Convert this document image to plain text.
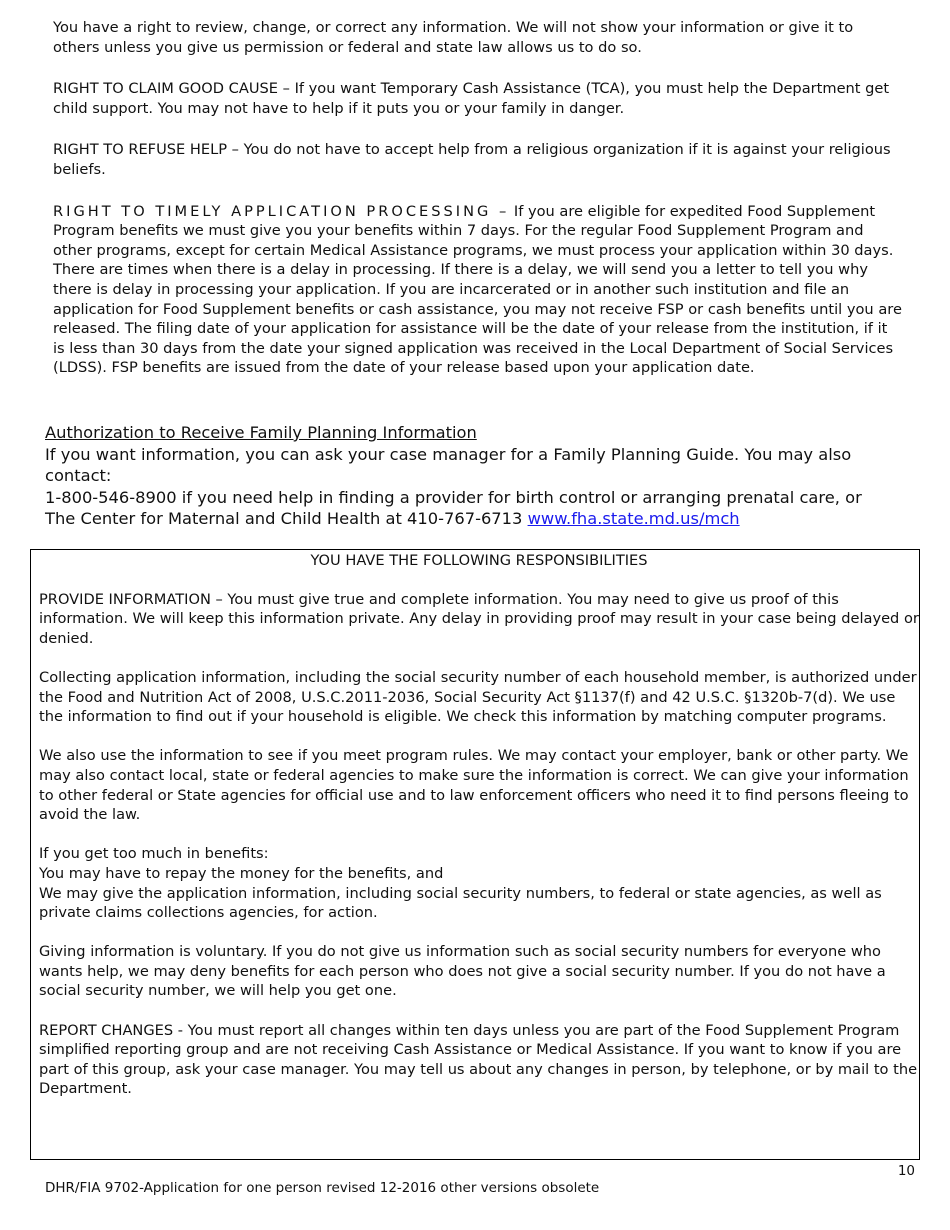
You have a right to review, change, or correct any information. We will not show your information or give it to others unless you give us permission or federal and state law allows us to do so.

RIGHT TO CLAIM GOOD CAUSE – If you want Temporary Cash Assistance (TCA), you must help the Department get child support. You may not have to help if it puts you or your family in danger.

RIGHT TO REFUSE HELP – You do not have to accept help from a religious organization if it is against your religious beliefs.

RIGHT TO TIMELY APPLICATION PROCESSING – If you are eligible for expedited Food Supplement Program benefits we must give you your benefits within 7 days. For the regular Food Supplement Program and other programs, except for certain Medical Assistance programs, we must process your application within 30 days. There are times when there is a delay in processing. If there is a delay, we will send you a letter to tell you why there is delay in processing your application. If you are incarcerated or in another such institution and file an application for Food Supplement benefits or cash assistance, you may not receive FSP or cash benefits until you are released. The filing date of your application for assistance will be the date of your release from the institution, if it is less than 30 days from the date your signed application was received in the Local Department of Social Services (LDSS). FSP benefits are issued from the date of your release based upon your application date.

Authorization to Receive Family Planning Information
If you want information, you can ask your case manager for a Family Planning Guide. You may also contact:
1-800-546-8900 if you need help in finding a provider for birth control or arranging prenatal care, or
The Center for Maternal and Child Health at 410-767-6713 www.fha.state.md.us/mch
YOU HAVE THE FOLLOWING RESPONSIBILITIES

PROVIDE INFORMATION – You must give true and complete information. You may need to give us proof of this information. We will keep this information private. Any delay in providing proof may result in your case being delayed or denied.

Collecting application information, including the social security number of each household member, is authorized under the Food and Nutrition Act of 2008, U.S.C.2011-2036, Social Security Act §1137(f) and 42 U.S.C. §1320b-7(d). We use the information to find out if your household is eligible. We check this information by matching computer programs.

We also use the information to see if you meet program rules. We may contact your employer, bank or other party. We may also contact local, state or federal agencies to make sure the information is correct. We can give your information to other federal or State agencies for official use and to law enforcement officers who need it to find persons fleeing to avoid the law.

If you get too much in benefits:
You may have to repay the money for the benefits, and
We may give the application information, including social security numbers, to federal or state agencies, as well as private claims collections agencies, for action.

Giving information is voluntary. If you do not give us information such as social security numbers for everyone who wants help, we may deny benefits for each person who does not give a social security number. If you do not have a social security number, we will help you get one.

REPORT CHANGES - You must report all changes within ten days unless you are part of the Food Supplement Program simplified reporting group and are not receiving Cash Assistance or Medical Assistance. If you want to know if you are part of this group, ask your case manager. You may tell us about any changes in person, by telephone, or by mail to the Department.

10
DHR/FIA 9702-Application for one person revised 12-2016 other versions obsolete
